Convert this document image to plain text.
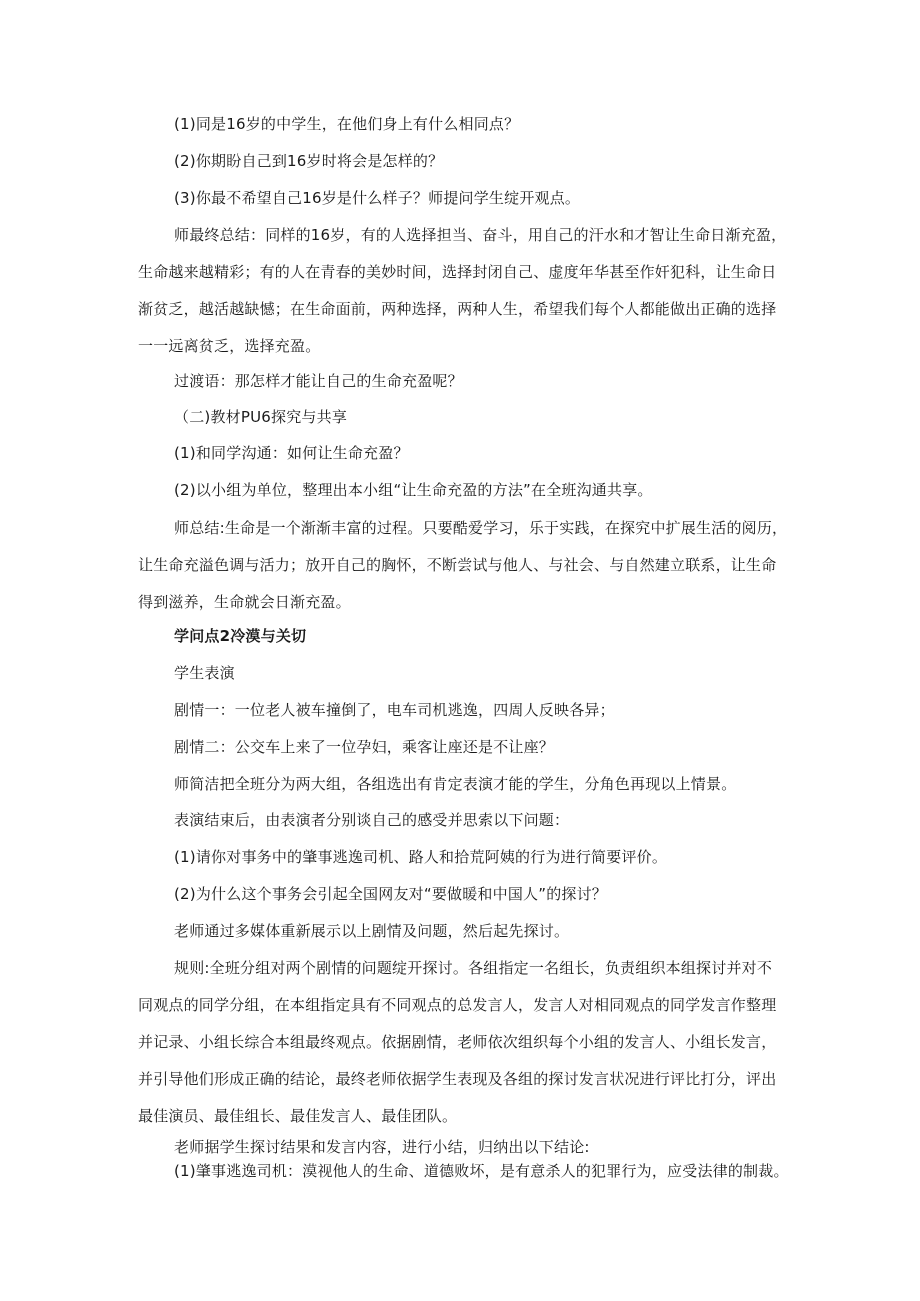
(1)同是16岁的中学生，在他们身上有什么相同点？
(2)你期盼自己到16岁时将会是怎样的？
(3)你最不希望自己16岁是什么样子？师提问学生绽开观点。
师最终总结：同样的16岁，有的人选择担当、奋斗，用自己的汗水和才智让生命日渐充盈，
生命越来越精彩；有的人在青春的美妙时间，选择封闭自己、虚度年华甚至作奸犯科，让生命日
渐贫乏，越活越缺憾；在生命面前，两种选择，两种人生，希望我们每个人都能做出正确的选择
一一远离贫乏，选择充盈。
过渡语：那怎样才能让自己的生命充盈呢？
（二)教材PU6探究与共享
(1)和同学沟通：如何让生命充盈？
(2)以小组为单位，整理出本小组“让生命充盈的方法”在全班沟通共享。
师总结:生命是一个渐渐丰富的过程。只要酷爱学习，乐于实践，在探究中扩展生活的阅历，
让生命充溢色调与活力；放开自己的胸怀，不断尝试与他人、与社会、与自然建立联系，让生命
得到滋养，生命就会日渐充盈。
学问点2冷漠与关切
学生表演
剧情一：一位老人被车撞倒了，电车司机逃逸，四周人反映各异；
剧情二：公交车上来了一位孕妇，乘客让座还是不让座？
师简洁把全班分为两大组，各组选出有肯定表演才能的学生，分角色再现以上情景。
表演结束后，由表演者分别谈自己的感受并思索以下问题：
(1)请你对事务中的肇事逃逸司机、路人和拾荒阿姨的行为进行简要评价。
(2)为什么这个事务会引起全国网友对“要做暖和中国人”的探讨？
老师通过多媒体重新展示以上剧情及问题，然后起先探讨。
规则:全班分组对两个剧情的问题绽开探讨。各组指定一名组长，负责组织本组探讨并对不
同观点的同学分组，在本组指定具有不同观点的总发言人，发言人对相同观点的同学发言作整理
并记录、小组长综合本组最终观点。依据剧情，老师依次组织每个小组的发言人、小组长发言，
并引导他们形成正确的结论，最终老师依据学生表现及各组的探讨发言状况进行评比打分，评出
最佳演员、最佳组长、最佳发言人、最佳团队。
老师据学生探讨结果和发言内容，进行小结，归纳出以下结论:
(1)肇事逃逸司机：漠视他人的生命、道德败坏，是有意杀人的犯罪行为，应受法律的制裁。
